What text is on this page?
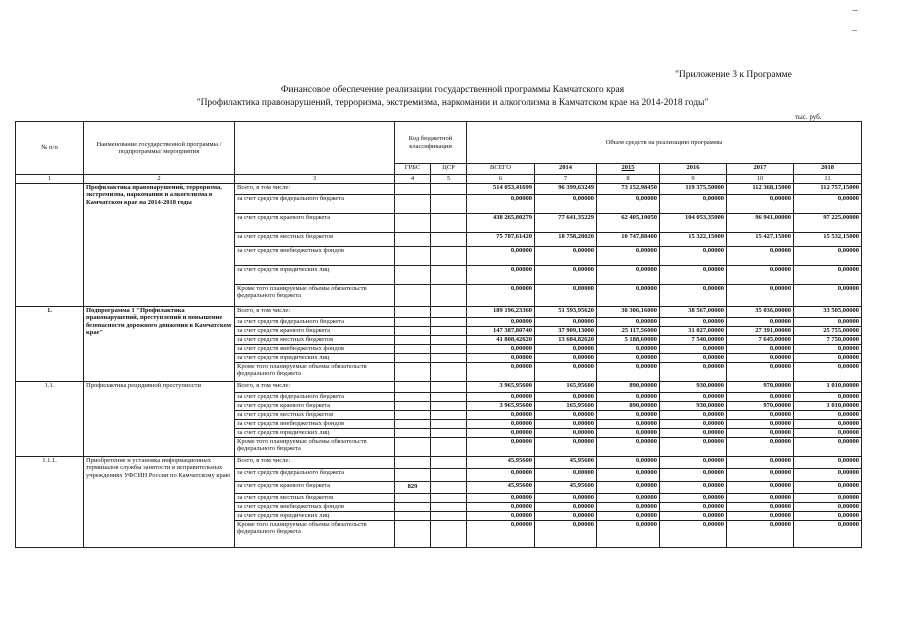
"Приложение 3 к Программе
Финансовое обеспечение реализации государственной программы Камчатского края
"Профилактика правонарушений, терроризма, экстремизма, наркомании и алкоголизма в Камчатском крае на 2014-2018 годы"
тыс. руб.
№ п/п	Наименование государственной программы /подпрограммы/ мероприятия		Код бюджетной классификации		Объем средств на реализацию программы					
			ГРБС	ЦСР	ВСЕГО	2014	2015	2016	2017	2018
1	2	3	4	5	6	7	8	9	10	11
	Профилактика правонарушений, терроризма, экстремизма, наркомании и алкоголизма в Камчатском крае на 2014-2018 годы	Всего, в том числе:			514 053,41699	96 399,63249	73 152,98450	119 375,50000	112 368,15000	112 757,15000
		за счет средств федерального бюджета			0,00000	0,00000	0,00000	0,00000	0,00000	0,00000
		за счет средств краевого бюджета			438 265,80279	77 641,35229	62 405,10050	104 053,35000	96 941,00000	97 225,00000
		за счет средств местных бюджетов			75 787,61420	18 758,28020	10 747,88400	15 322,15000	15 427,15000	15 532,15000
		за счет средств внебюджетных фондов			0,00000	0,00000	0,00000	0,00000	0,00000	0,00000
		за счет средств юридических лиц			0,00000	0,00000	0,00000	0,00000	0,00000	0,00000
		Кроме того планируемые объемы обязательств федерального бюджета			0,00000	0,00000	0,00000	0,00000	0,00000	0,00000
1.	Подпрограмма 1 "Профилактика правонарушений, преступлений и повышение безопасности дорожного движения в Камчатском крае"	Всего, в том числе:			189 196,23360	51 593,95620	30 306,16000	38 567,00000	35 036,00000	33 505,00000
		за счет средств федерального бюджета			0,00000	0,00000	0,00000	0,00000	0,00000	0,00000
		за счет средств краевого бюджета			147 387,80740	37 909,13000	25 117,56000	31 027,00000	27 391,00000	25 755,00000
		за счет средств местных бюджетов			41 808,42620	13 684,82620	5 188,60000	7 540,00000	7 645,00000	7 750,00000
		за счет средств внебюджетных фондов			0,00000	0,00000	0,00000	0,00000	0,00000	0,00000
		за счет средств юридических лиц			0,00000	0,00000	0,00000	0,00000	0,00000	0,00000
		Кроме того планируемые объемы обязательств федерального бюджета			0,00000	0,00000	0,00000	0,00000	0,00000	0,00000
1.1.	Профилактика рецидивной преступности	Всего, в том числе:			3 965,95600	165,95600	890,00000	930,00000	970,00000	1 010,00000
		за счет средств федерального бюджета			0,00000	0,00000	0,00000	0,00000	0,00000	0,00000
		за счет средств краевого бюджета			3 965,95600	165,95600	890,00000	930,00000	970,00000	1 010,00000
		за счет средств местных бюджетов			0,00000	0,00000	0,00000	0,00000	0,00000	0,00000
		за счет средств внебюджетных фондов			0,00000	0,00000	0,00000	0,00000	0,00000	0,00000
		за счет средств юридических лиц			0,00000	0,00000	0,00000	0,00000	0,00000	0,00000
		Кроме того планируемые объемы обязательств федерального бюджета			0,00000	0,00000	0,00000	0,00000	0,00000	0,00000
1.1.1.	Приобретение и установка информационных терминалов службы занятости в исправительных учреждениях УФСИН России по Камчатскому краю	Всего, в том числе:			45,95600	45,95600	0,00000	0,00000	0,00000	0,00000
		за счет средств федерального бюджета			0,00000	0,00000	0,00000	0,00000	0,00000	0,00000
		за счет средств краевого бюджета	829		45,95600	45,95600	0,00000	0,00000	0,00000	0,00000
		за счет средств местных бюджетов			0,00000	0,00000	0,00000	0,00000	0,00000	0,00000
		за счет средств внебюджетных фондов			0,00000	0,00000	0,00000	0,00000	0,00000	0,00000
		за счет средств юридических лиц			0,00000	0,00000	0,00000	0,00000	0,00000	0,00000
		Кроме того планируемые объемы обязательств федерального бюджета			0,00000	0,00000	0,00000	0,00000	0,00000	0,00000
